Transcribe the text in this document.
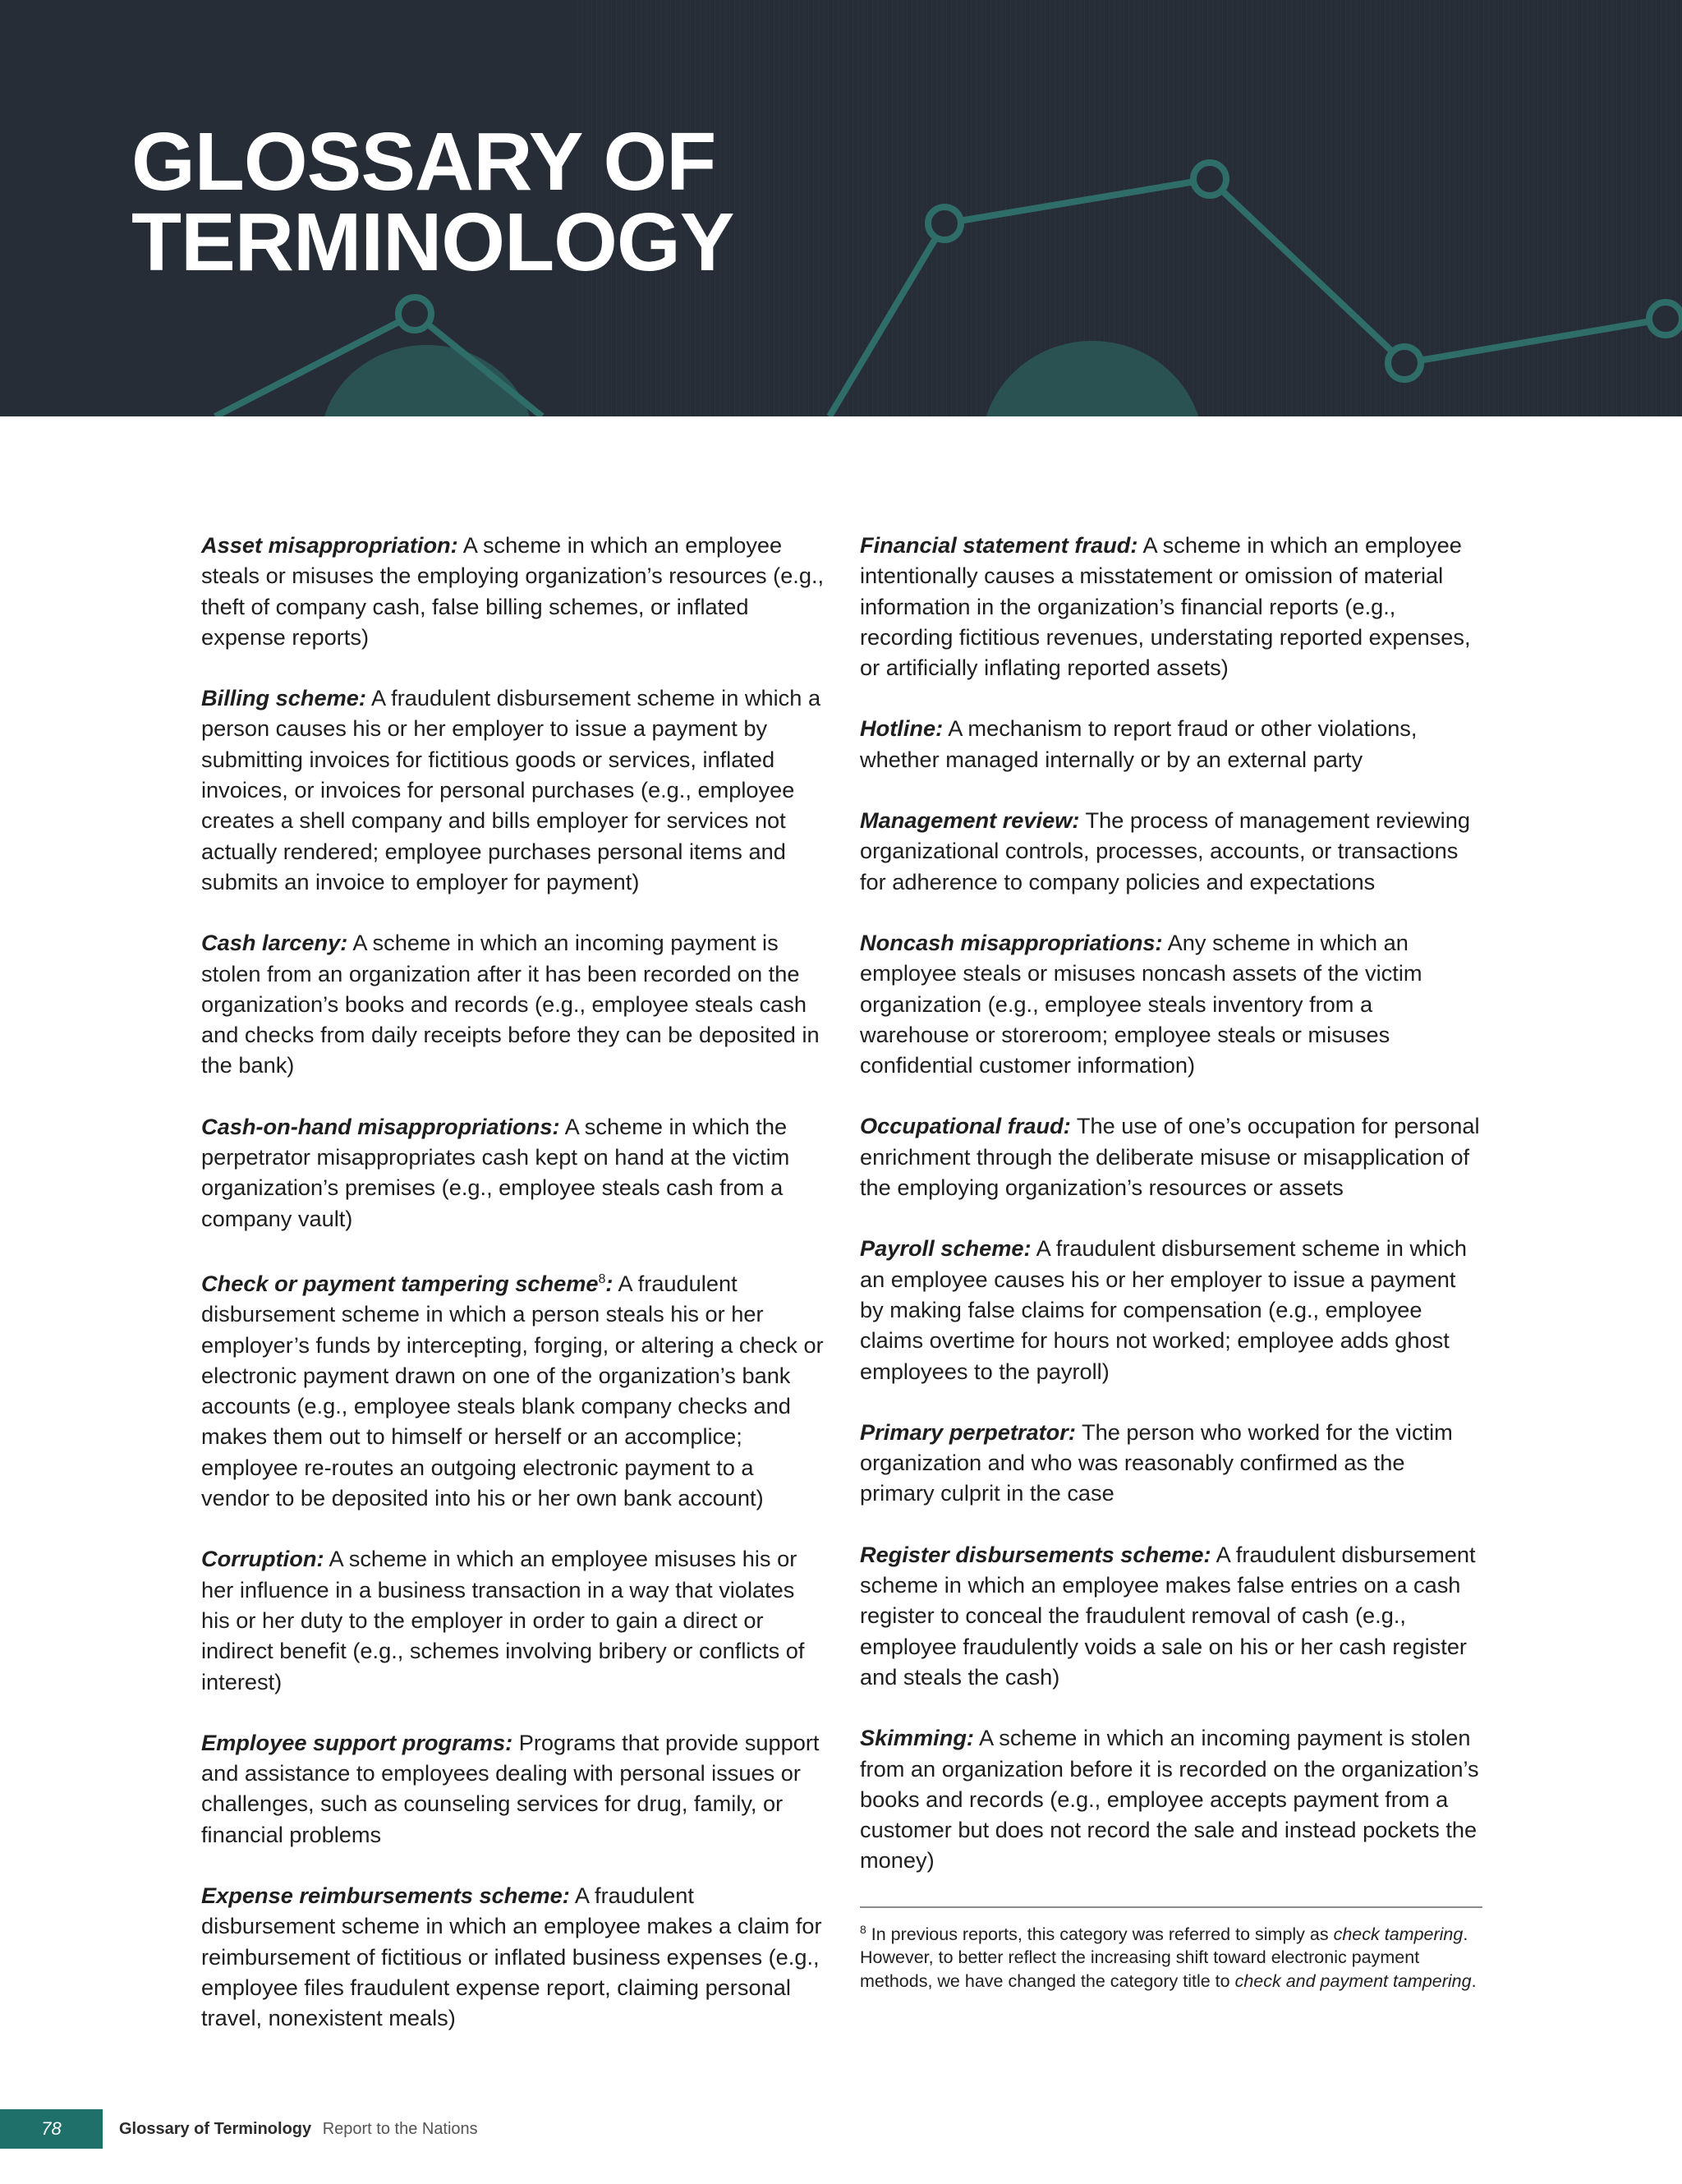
GLOSSARY OF
TERMINOLOGY

Asset misappropriation: A scheme in which an employee steals or misuses the employing organization’s resources (e.g., theft of company cash, false billing schemes, or inflated expense reports)

Billing scheme: A fraudulent disbursement scheme in which a person causes his or her employer to issue a payment by submitting invoices for fictitious goods or services, inflated invoices, or invoices for personal purchases (e.g., employee creates a shell company and bills employer for services not actually rendered; employee purchases personal items and submits an invoice to employer for payment)

Cash larceny: A scheme in which an incoming payment is stolen from an organization after it has been recorded on the organization’s books and records (e.g., employee steals cash and checks from daily receipts before they can be deposited in the bank)

Cash-on-hand misappropriations: A scheme in which the perpetrator misappropriates cash kept on hand at the victim organization’s premises (e.g., employee steals cash from a company vault)

Check or payment tampering scheme$^8$: A fraudulent disbursement scheme in which a person steals his or her employer’s funds by intercepting, forging, or altering a check or electronic payment drawn on one of the organization’s bank accounts (e.g., employee steals blank company checks and makes them out to himself or herself or an accomplice; employee re-routes an outgoing electronic payment to a vendor to be deposited into his or her own bank account)

Corruption: A scheme in which an employee misuses his or her influence in a business transaction in a way that violates his or her duty to the employer in order to gain a direct or indirect benefit (e.g., schemes involving bribery or conflicts of interest)

Employee support programs: Programs that provide support and assistance to employees dealing with personal issues or challenges, such as counseling services for drug, family, or financial problems

Expense reimbursements scheme: A fraudulent disbursement scheme in which an employee makes a claim for reimbursement of fictitious or inflated business expenses (e.g., employee files fraudulent expense report, claiming personal travel, nonexistent meals)

Financial statement fraud: A scheme in which an employee intentionally causes a misstatement or omission of material information in the organization’s financial reports (e.g., recording fictitious revenues, understating reported expenses, or artificially inflating reported assets)

Hotline: A mechanism to report fraud or other violations, whether managed internally or by an external party

Management review: The process of management reviewing organizational controls, processes, accounts, or transactions for adherence to company policies and expectations

Noncash misappropriations: Any scheme in which an employee steals or misuses noncash assets of the victim organization (e.g., employee steals inventory from a warehouse or storeroom; employee steals or misuses confidential customer information)

Occupational fraud: The use of one’s occupation for personal enrichment through the deliberate misuse or misapplication of the employing organization’s resources or assets

Payroll scheme: A fraudulent disbursement scheme in which an employee causes his or her employer to issue a payment by making false claims for compensation (e.g., employee claims overtime for hours not worked; employee adds ghost employees to the payroll)

Primary perpetrator: The person who worked for the victim organization and who was reasonably confirmed as the primary culprit in the case

Register disbursements scheme: A fraudulent disbursement scheme in which an employee makes false entries on a cash register to conceal the fraudulent removal of cash (e.g., employee fraudulently voids a sale on his or her cash register and steals the cash)

Skimming: A scheme in which an incoming payment is stolen from an organization before it is recorded on the organization’s books and records (e.g., employee accepts payment from a customer but does not record the sale and instead pockets the money)

$^8$ In previous reports, this category was referred to simply as check tampering. However, to better reflect the increasing shift toward electronic payment methods, we have changed the category title to check and payment tampering.

78	Glossary of Terminology Report to the Nations
